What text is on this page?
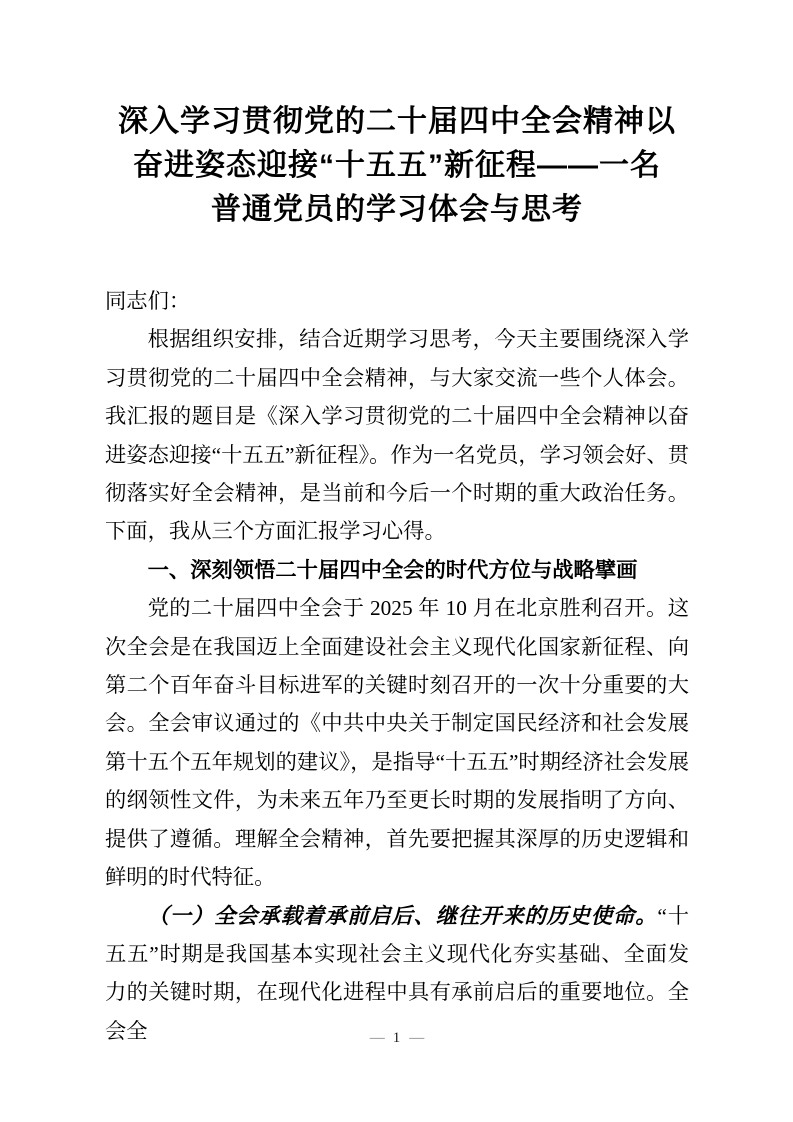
深入学习贯彻党的二十届四中全会精神以
奋进姿态迎接“十五五”新征程——一名
普通党员的学习体会与思考

同志们：

根据组织安排，结合近期学习思考，今天主要围绕深入学习贯彻党的二十届四中全会精神，与大家交流一些个人体会。我汇报的题目是《深入学习贯彻党的二十届四中全会精神以奋进姿态迎接“十五五”新征程》。作为一名党员，学习领会好、贯彻落实好全会精神，是当前和今后一个时期的重大政治任务。下面，我从三个方面汇报学习心得。

一、深刻领悟二十届四中全会的时代方位与战略擘画

党的二十届四中全会于 2025 年 10 月在北京胜利召开。这次全会是在我国迈上全面建设社会主义现代化国家新征程、向第二个百年奋斗目标进军的关键时刻召开的一次十分重要的大会。全会审议通过的《中共中央关于制定国民经济和社会发展第十五个五年规划的建议》，是指导“十五五”时期经济社会发展的纲领性文件，为未来五年乃至更长时期的发展指明了方向、提供了遵循。理解全会精神，首先要把握其深厚的历史逻辑和鲜明的时代特征。

（一）全会承载着承前启后、继往开来的历史使命。“十五五”时期是我国基本实现社会主义现代化夯实基础、全面发力的关键时期，在现代化进程中具有承前启后的重要地位。全会全	— 1 —
